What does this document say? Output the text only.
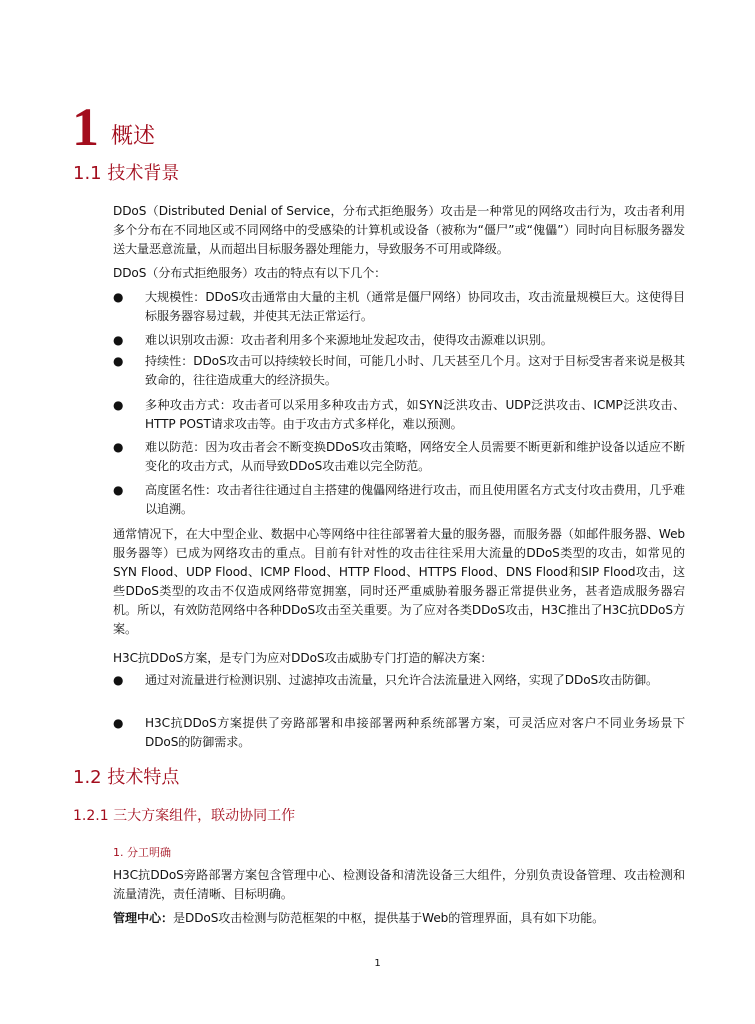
1 概述
1.1 技术背景
DDoS（Distributed Denial of Service，分布式拒绝服务）攻击是一种常见的网络攻击行为，攻击者利用多个分布在不同地区或不同网络中的受感染的计算机或设备（被称为“僵尸”或“傀儡”）同时向目标服务器发送大量恶意流量，从而超出目标服务器处理能力，导致服务不可用或降级。
DDoS（分布式拒绝服务）攻击的特点有以下几个：
● 大规模性：DDoS攻击通常由大量的主机（通常是僵尸网络）协同攻击，攻击流量规模巨大。这使得目标服务器容易过载，并使其无法正常运行。
● 难以识别攻击源：攻击者利用多个来源地址发起攻击，使得攻击源难以识别。
● 持续性：DDoS攻击可以持续较长时间，可能几小时、几天甚至几个月。这对于目标受害者来说是极其致命的，往往造成重大的经济损失。
● 多种攻击方式：攻击者可以采用多种攻击方式，如SYN泛洪攻击、UDP泛洪攻击、ICMP泛洪攻击、HTTP POST请求攻击等。由于攻击方式多样化，难以预测。
● 难以防范：因为攻击者会不断变换DDoS攻击策略，网络安全人员需要不断更新和维护设备以适应不断变化的攻击方式，从而导致DDoS攻击难以完全防范。
● 高度匿名性：攻击者往往通过自主搭建的傀儡网络进行攻击，而且使用匿名方式支付攻击费用，几乎难以追溯。
通常情况下，在大中型企业、数据中心等网络中往往部署着大量的服务器，而服务器（如邮件服务器、Web服务器等）已成为网络攻击的重点。目前有针对性的攻击往往采用大流量的DDoS类型的攻击，如常见的SYN Flood、UDP Flood、ICMP Flood、HTTP Flood、HTTPS Flood、DNS Flood和SIP Flood攻击，这些DDoS类型的攻击不仅造成网络带宽拥塞，同时还严重威胁着服务器正常提供业务，甚者造成服务器宕机。所以，有效防范网络中各种DDoS攻击至关重要。为了应对各类DDoS攻击，H3C推出了H3C抗DDoS方案。
H3C抗DDoS方案，是专门为应对DDoS攻击威胁专门打造的解决方案：
● 通过对流量进行检测识别、过滤掉攻击流量，只允许合法流量进入网络，实现了DDoS攻击防御。
● H3C抗DDoS方案提供了旁路部署和串接部署两种系统部署方案，可灵活应对客户不同业务场景下DDoS的防御需求。
1.2 技术特点
1.2.1 三大方案组件，联动协同工作
1. 分工明确
H3C抗DDoS旁路部署方案包含管理中心、检测设备和清洗设备三大组件，分别负责设备管理、攻击检测和流量清洗，责任清晰、目标明确。
管理中心：是DDoS攻击检测与防范框架的中枢，提供基于Web的管理界面，具有如下功能。
1
